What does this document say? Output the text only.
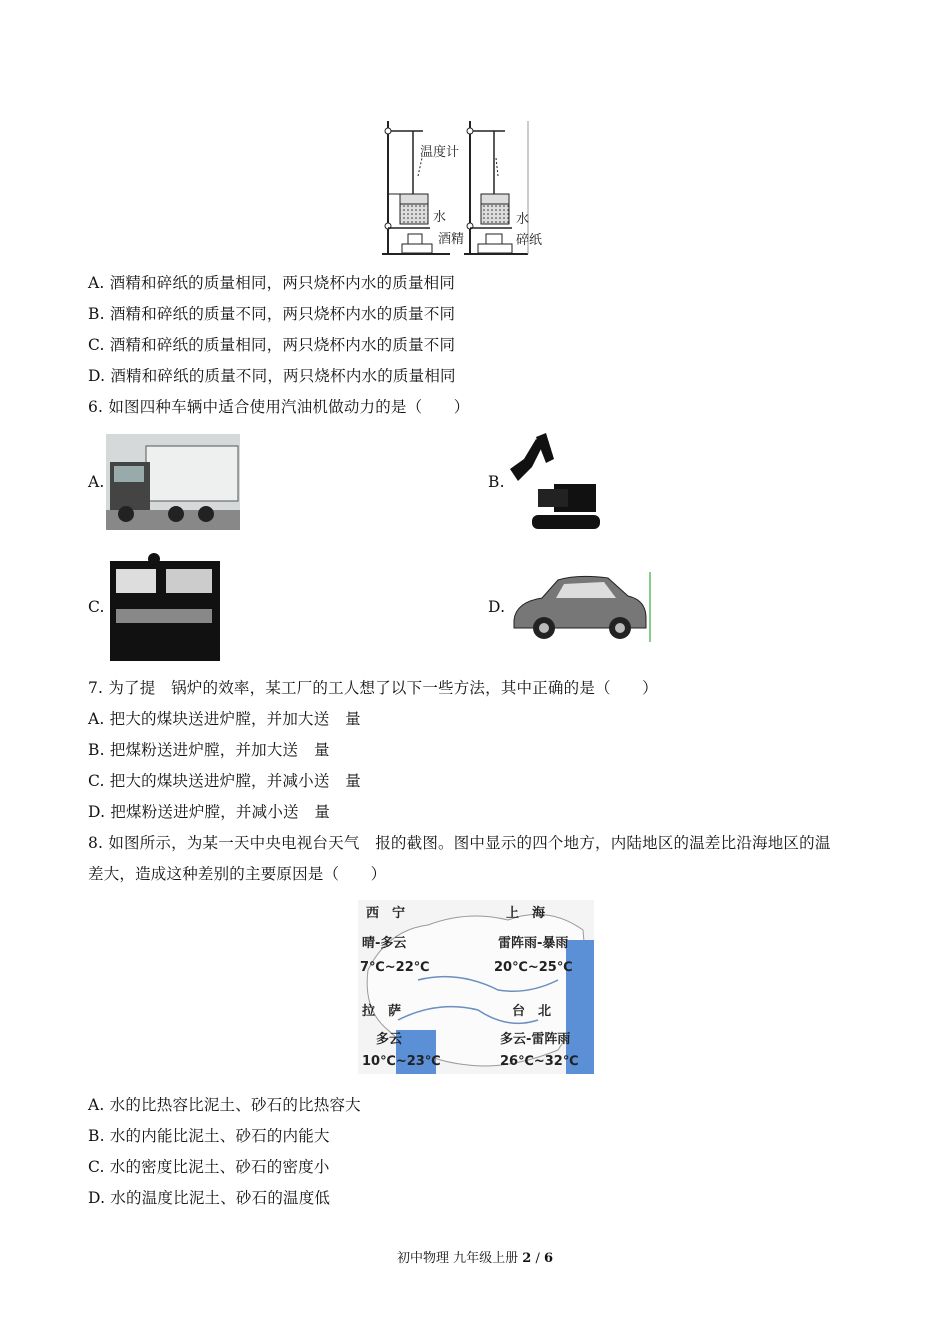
温度计
水
酒精
水
碎纸
A. 酒精和碎纸的质量相同，两只烧杯内水的质量相同
B. 酒精和碎纸的质量不同，两只烧杯内水的质量不同
C. 酒精和碎纸的质量相同，两只烧杯内水的质量不同
D. 酒精和碎纸的质量不同，两只烧杯内水的质量相同
6. 如图四种车辆中适合使用汽油机做动力的是（　　）
A.	B.
C.	D.
7. 为了提　锅炉的效率，某工厂的工人想了以下一些方法，其中正确的是（　　）
A. 把大的煤块送进炉膛，并加大送　量
B. 把煤粉送进炉膛，并加大送　量
C. 把大的煤块送进炉膛，并减小送　量
D. 把煤粉送进炉膛，并减小送　量
8. 如图所示，为某一天中央电视台天气　报的截图。图中显示的四个地方，内陆地区的温差比沿海地区的温
差大，造成这种差别的主要原因是（　　）
西　宁
晴-多云
7℃~22℃
上　海
雷阵雨-暴雨
20℃~25℃
拉　萨
多云
10℃~23℃
台　北
多云-雷阵雨
26℃~32℃
A. 水的比热容比泥土、砂石的比热容大
B. 水的内能比泥土、砂石的内能大
C. 水的密度比泥土、砂石的密度小
D. 水的温度比泥土、砂石的温度低
初中物理 九年级上册 2 / 6
